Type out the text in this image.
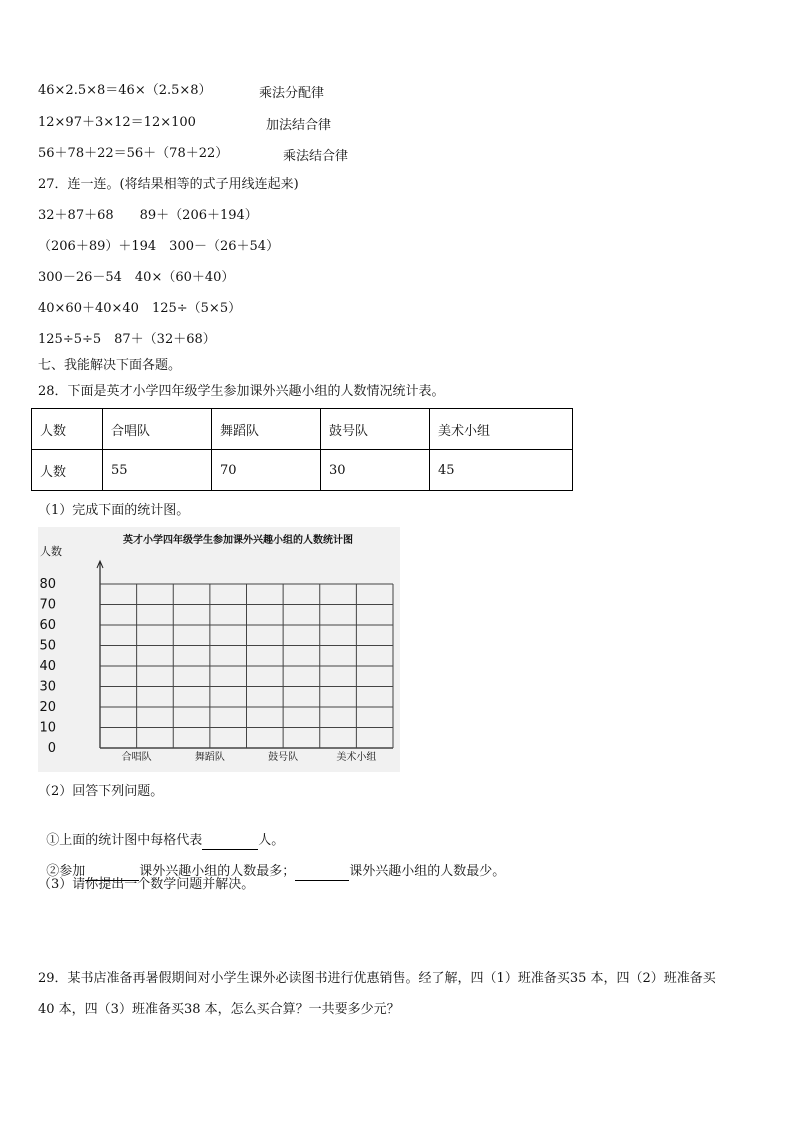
46×2.5×8＝46×（2.5×8）	乘法分配律
12×97＋3×12＝12×100	加法结合律
56＋78＋22＝56＋（78＋22）	乘法结合律
27．连一连。(将结果相等的式子用线连起来)
32＋87＋68　　89＋（206＋194）
（206＋89）＋194　300－（26＋54）
300－26－54　40×（60＋40）
40×60＋40×40　125÷（5×5）
125÷5÷5　87＋（32＋68）
七、我能解决下面各题。
28．下面是英才小学四年级学生参加课外兴趣小组的人数情况统计表。
人数	合唱队	舞蹈队	鼓号队	美术小组
人数	55	70	30	45
（1）完成下面的统计图。
英才小学四年级学生参加课外兴趣小组的人数统计图
人数
80
70
60
50
40
30
20
10
0
合唱队	舞蹈队	鼓号队	美术小组
（2）回答下列问题。

①上面的统计图中每格代表	人。

②参加	课外兴趣小组的人数最多；	课外兴趣小组的人数最少。

（3）请你提出一个数学问题并解决。
29．某书店准备再暑假期间对小学生课外必读图书进行优惠销售。经了解，四（1）班准备买35 本，四（2）班准备买
40 本，四（3）班准备买38 本，怎么买合算？一共要多少元？
